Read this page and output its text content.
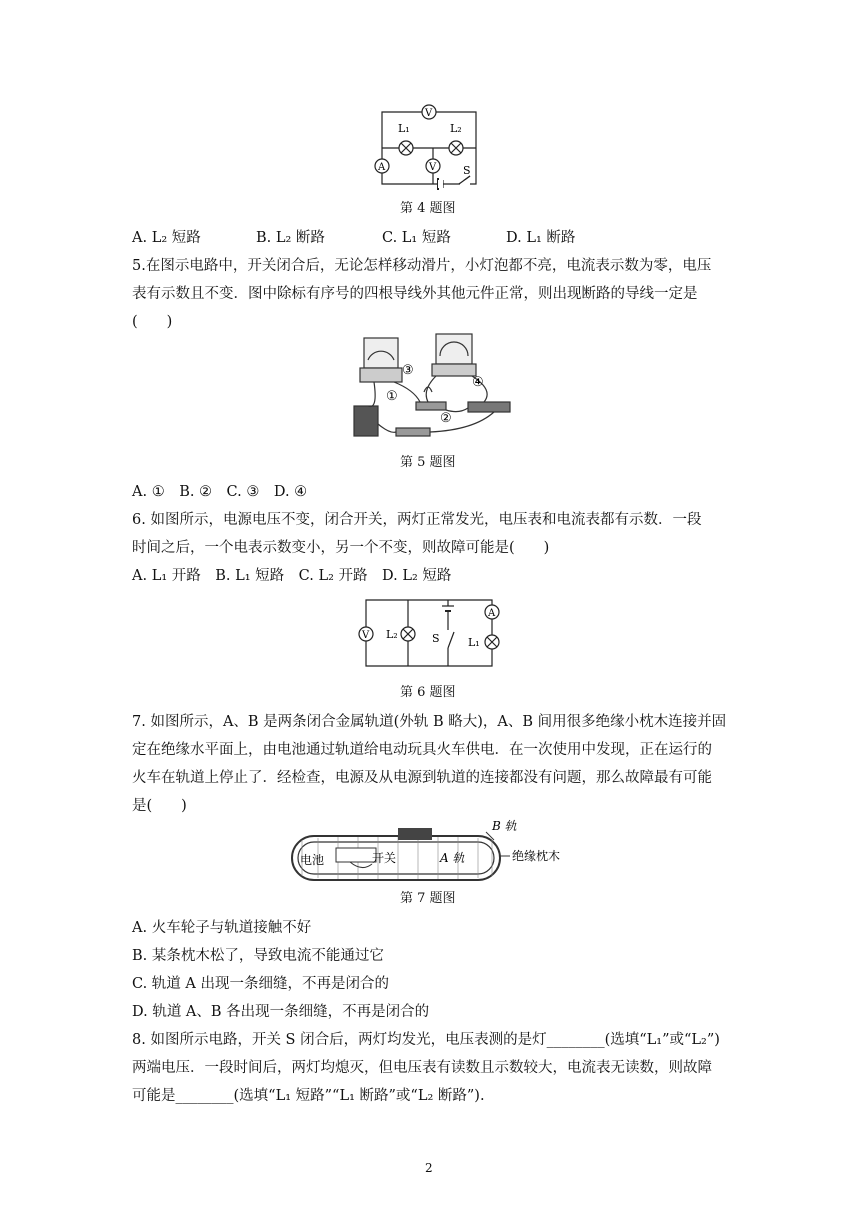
V
V
A
L₁	L₂
S
第 4 题图
A. L₂ 短路	B. L₂ 断路	C. L₁ 短路	D. L₁ 断路
5.在图示电路中，开关闭合后，无论怎样移动滑片，小灯泡都不亮，电流表示数为零，电压
表有示数且不变．图中除标有序号的四根导线外其他元件正常，则出现断路的导线一定是
(　　)
①
②
③
④
第 5 题图
A. ①　B. ②　C. ③　D. ④
6. 如图所示，电源电压不变，闭合开关，两灯正常发光，电压表和电流表都有示数．一段
时间之后，一个电表示数变小，另一个不变，则故障可能是(　　)
A. L₁ 开路　B. L₁ 短路　C. L₂ 开路　D. L₂ 短路
V
A
L₂	S	L₁
第 6 题图
7. 如图所示，A、B 是两条闭合金属轨道(外轨 B 略大)，A、B 间用很多绝缘小枕木连接并固
定在绝缘水平面上，由电池通过轨道给电动玩具火车供电．在一次使用中发现，正在运行的
火车在轨道上停止了．经检查，电源及从电源到轨道的连接都没有问题，那么故障最有可能
是(　　)
电池	开关	A 轨
B 轨
绝缘枕木
第 7 题图
A. 火车轮子与轨道接触不好
B. 某条枕木松了，导致电流不能通过它
C. 轨道 A 出现一条细缝，不再是闭合的
D. 轨道 A、B 各出现一条细缝，不再是闭合的
8. 如图所示电路，开关 S 闭合后，两灯均发光，电压表测的是灯________(选填“L₁”或“L₂”)
两端电压．一段时间后，两灯均熄灭，但电压表有读数且示数较大，电流表无读数，则故障
可能是________(选填“L₁ 短路”“L₁ 断路”或“L₂ 断路”).
2
